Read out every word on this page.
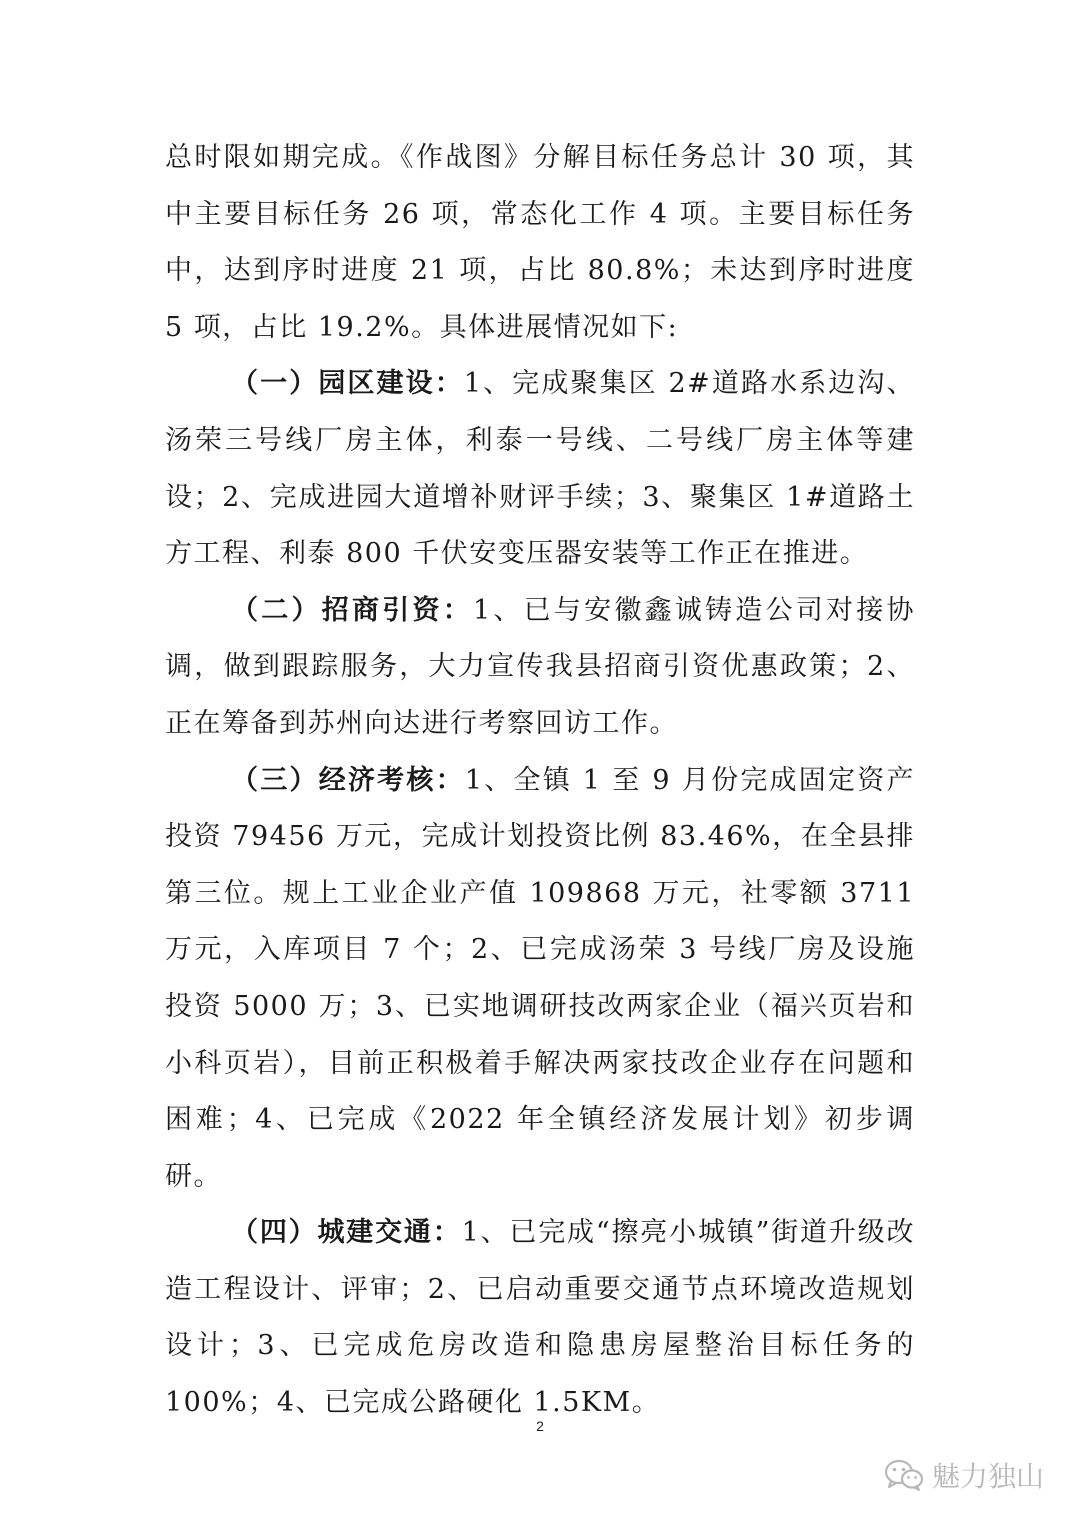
总时限如期完成。《作战图》分解目标任务总计 30 项，其中主要目标任务 26 项，常态化工作 4 项。主要目标任务中，达到序时进度 21 项，占比 80.8%；未达到序时进度 5 项，占比 19.2%。具体进展情况如下:

（一）园区建设：1、完成聚集区 2#道路水系边沟、汤荣三号线厂房主体，利泰一号线、二号线厂房主体等建设；2、完成进园大道增补财评手续；3、聚集区 1#道路土方工程、利泰 800 千伏安变压器安装等工作正在推进。

（二）招商引资：1、已与安徽鑫诚铸造公司对接协调，做到跟踪服务，大力宣传我县招商引资优惠政策；2、正在筹备到苏州向达进行考察回访工作。

（三）经济考核：1、全镇 1 至 9 月份完成固定资产投资 79456 万元，完成计划投资比例 83.46%，在全县排第三位。规上工业企业产值 109868 万元，社零额 3711 万元，入库项目 7 个；2、已完成汤荣 3 号线厂房及设施投资 5000 万；3、已实地调研技改两家企业（福兴页岩和小科页岩），目前正积极着手解决两家技改企业存在问题和困难；4、已完成《2022 年全镇经济发展计划》初步调研。

（四）城建交通：1、已完成“擦亮小城镇”街道升级改造工程设计、评审；2、已启动重要交通节点环境改造规划设计；3、已完成危房改造和隐患房屋整治目标任务的 100%；4、已完成公路硬化 1.5KM。

2
魅力独山
